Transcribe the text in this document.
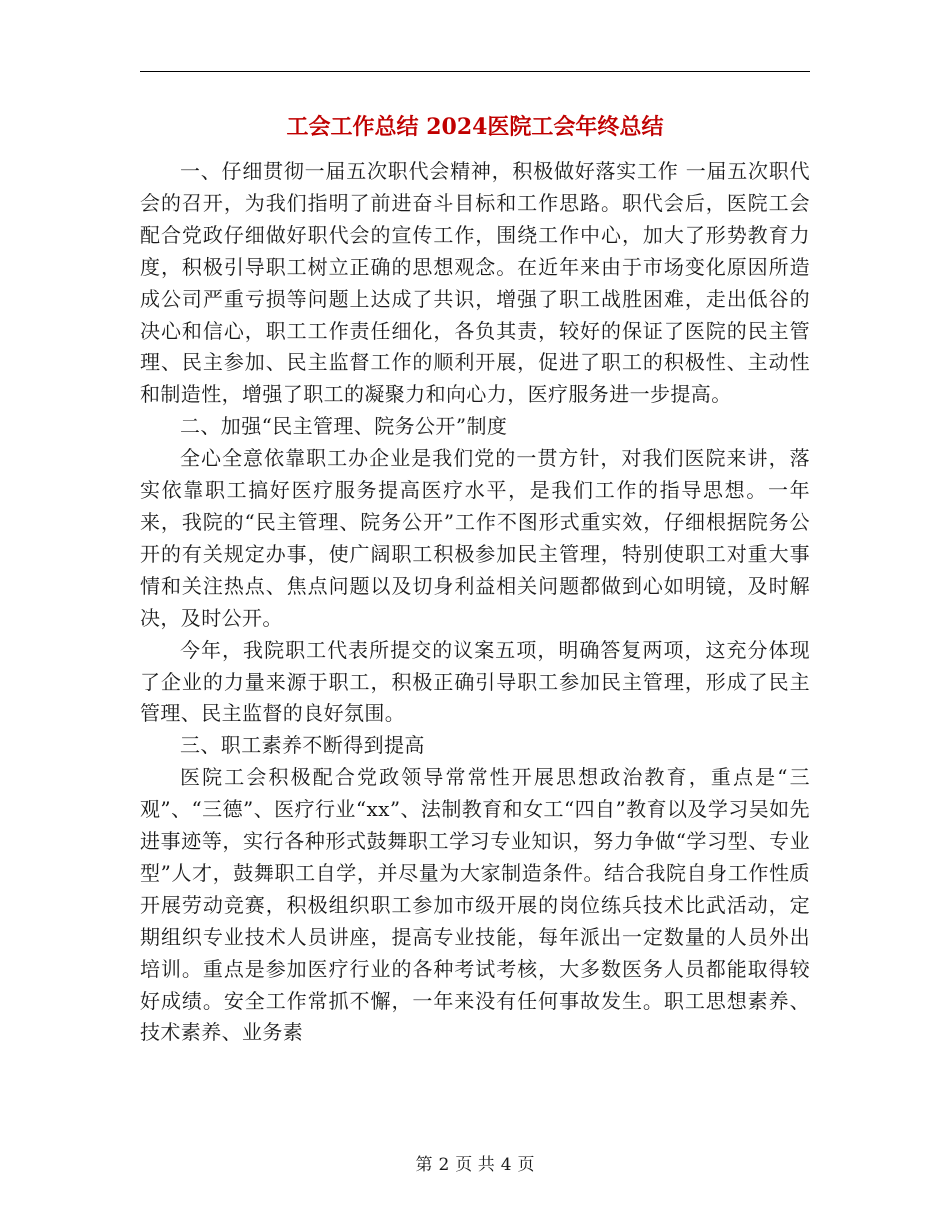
工会工作总结 2024医院工会年终总结

一、仔细贯彻一届五次职代会精神，积极做好落实工作 一届五次职代会的召开，为我们指明了前进奋斗目标和工作思路。职代会后，医院工会配合党政仔细做好职代会的宣传工作，围绕工作中心，加大了形势教育力度，积极引导职工树立正确的思想观念。在近年来由于市场变化原因所造成公司严重亏损等问题上达成了共识，增强了职工战胜困难，走出低谷的决心和信心，职工工作责任细化，各负其责，较好的保证了医院的民主管理、民主参加、民主监督工作的顺利开展，促进了职工的积极性、主动性和制造性，增强了职工的凝聚力和向心力，医疗服务进一步提高。

二、加强“民主管理、院务公开”制度

全心全意依靠职工办企业是我们党的一贯方针，对我们医院来讲，落实依靠职工搞好医疗服务提高医疗水平，是我们工作的指导思想。一年来，我院的“民主管理、院务公开”工作不图形式重实效，仔细根据院务公开的有关规定办事，使广阔职工积极参加民主管理，特别使职工对重大事情和关注热点、焦点问题以及切身利益相关问题都做到心如明镜，及时解决，及时公开。

今年，我院职工代表所提交的议案五项，明确答复两项，这充分体现了企业的力量来源于职工，积极正确引导职工参加民主管理，形成了民主管理、民主监督的良好氛围。

三、职工素养不断得到提高

医院工会积极配合党政领导常常性开展思想政治教育，重点是“三观”、“三德”、医疗行业“xx”、法制教育和女工“四自”教育以及学习吴如先进事迹等，实行各种形式鼓舞职工学习专业知识，努力争做“学习型、专业型”人才，鼓舞职工自学，并尽量为大家制造条件。结合我院自身工作性质开展劳动竞赛，积极组织职工参加市级开展的岗位练兵技术比武活动，定期组织专业技术人员讲座，提高专业技能，每年派出一定数量的人员外出培训。重点是参加医疗行业的各种考试考核，大多数医务人员都能取得较好成绩。安全工作常抓不懈，一年来没有任何事故发生。职工思想素养、技术素养、业务素

第 2 页 共 4 页
